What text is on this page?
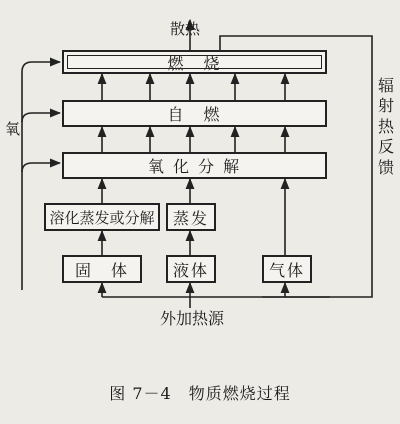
燃　烧
自　燃
氧 化 分 解
溶化蒸发或分解 蒸发
固　体	液体	气体
散热
氧
辐射热反馈
外加热源
图 7－4　物质燃烧过程
